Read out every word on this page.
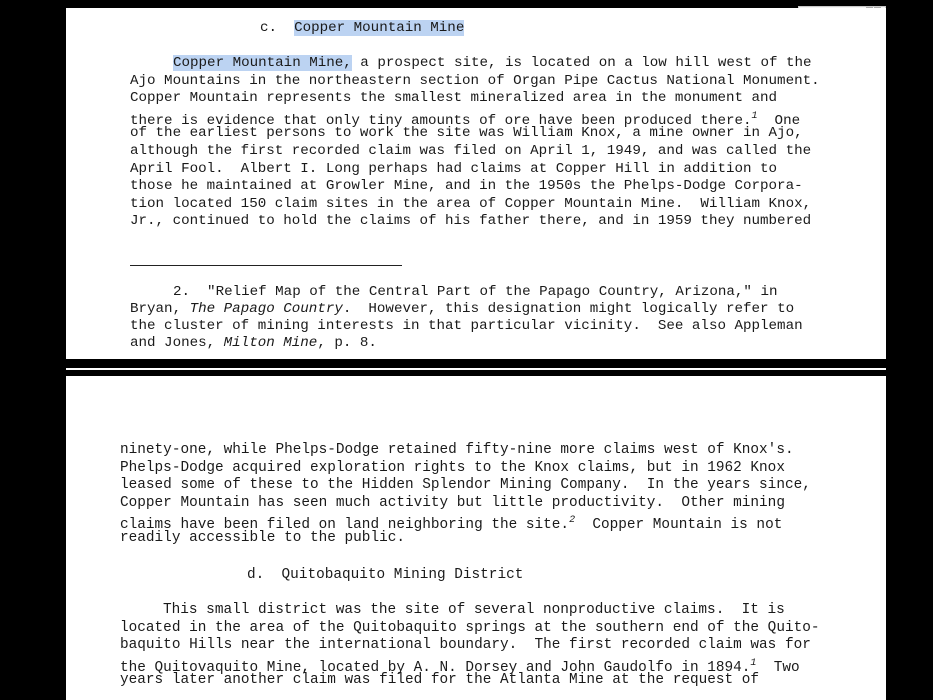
c. Copper Mountain Mine
Copper Mountain Mine, a prospect site, is located on a low hill west of the
Ajo Mountains in the northeastern section of Organ Pipe Cactus National Monument.
Copper Mountain represents the smallest mineralized area in the monument and
there is evidence that only tiny amounts of ore have been produced there.$^1$  One
of the earliest persons to work the site was William Knox, a mine owner in Ajo,
although the first recorded claim was filed on April 1, 1949, and was called the
April Fool.  Albert I. Long perhaps had claims at Copper Hill in addition to
those he maintained at Growler Mine, and in the 1950s the Phelps-Dodge Corpora-
tion located 150 claim sites in the area of Copper Mountain Mine.  William Knox,
Jr., continued to hold the claims of his father there, and in 1959 they numbered
2.  "Relief Map of the Central Part of the Papago Country, Arizona," in
Bryan, The Papago Country.  However, this designation might logically refer to
the cluster of mining interests in that particular vicinity.  See also Appleman
and Jones, Milton Mine, p. 8.
ninety-one, while Phelps-Dodge retained fifty-nine more claims west of Knox's.
Phelps-Dodge acquired exploration rights to the Knox claims, but in 1962 Knox
leased some of these to the Hidden Splendor Mining Company.  In the years since,
Copper Mountain has seen much activity but little productivity.  Other mining
claims have been filed on land neighboring the site.$^2$  Copper Mountain is not
readily accessible to the public.
d.  Quitobaquito Mining District
This small district was the site of several nonproductive claims.  It is
located in the area of the Quitobaquito springs at the southern end of the Quito-
baquito Hills near the international boundary.  The first recorded claim was for
the Quitovaquito Mine, located by A. N. Dorsey and John Gaudolfo in 1894.$^1$  Two
years later another claim was filed for the Atlanta Mine at the request of
